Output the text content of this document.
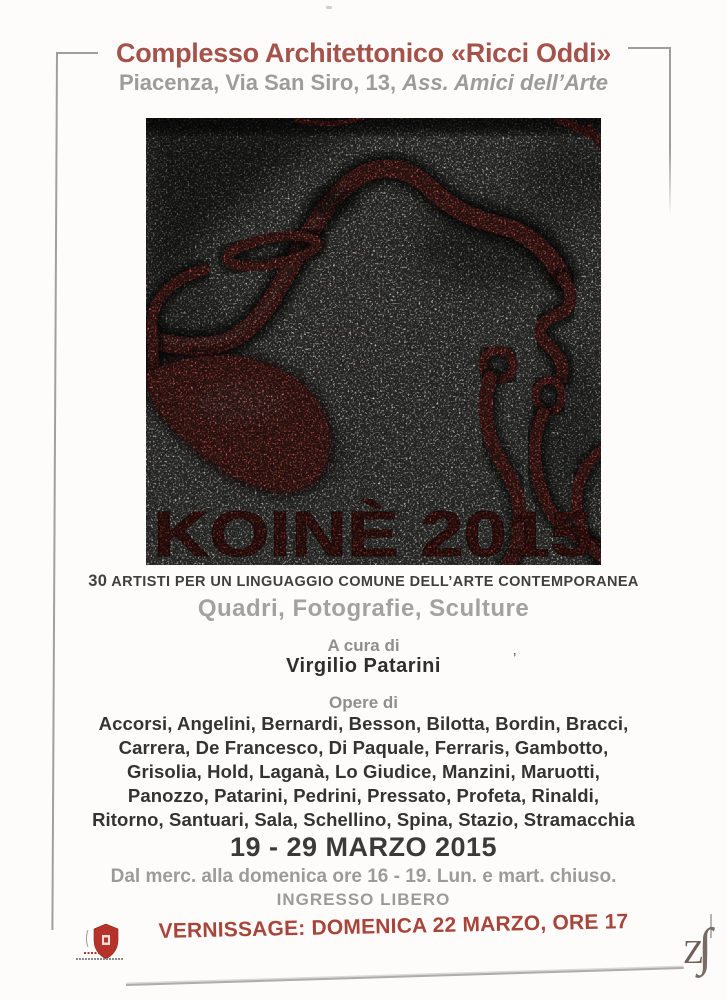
Complesso Architettonico «Ricci Oddi»
Piacenza, Via San Siro, 13, Ass. Amici dell’Arte
30 ARTISTI PER UN LINGUAGGIO COMUNE DELL’ARTE CONTEMPORANEA
Quadri, Fotografie, Sculture
A cura di
Virgilio Patarini	’
Opere di
Accorsi, Angelini, Bernardi, Besson, Bilotta, Bordin, Bracci,
Carrera, De Francesco, Di Paquale, Ferraris, Gambotto,
Grisolia, Hold, Laganà, Lo Giudice, Manzini, Maruotti,
Panozzo, Patarini, Pedrini, Pressato, Profeta, Rinaldi,
Ritorno, Santuari, Sala, Schellino, Spina, Stazio, Stramacchia
19 - 29 MARZO 2015
Dal merc. alla domenica ore 16 - 19. Lun. e mart. chiuso.
INGRESSO LIBERO
VERNISSAGE: DOMENICA 22 MARZO, ORE 17
Z
∫
